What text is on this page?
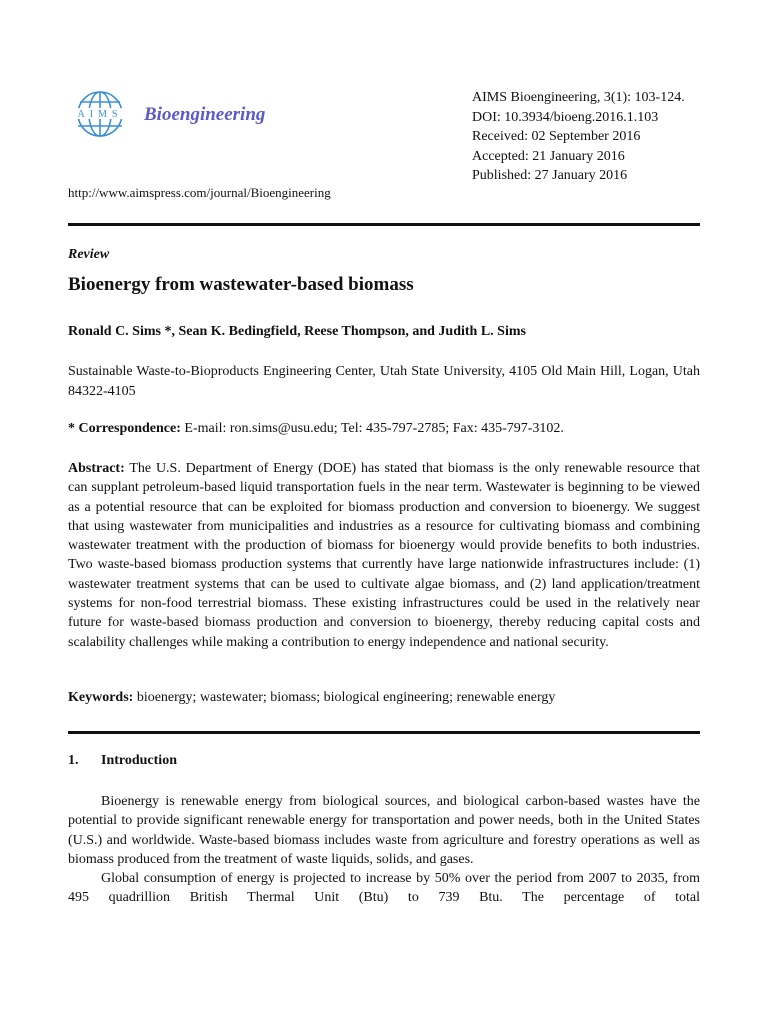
AIMS Bioengineering
AIMS Bioengineering, 3(1): 103-124.
DOI: 10.3934/bioeng.2016.1.103
Received: 02 September 2016
Accepted: 21 January 2016
Published: 27 January 2016
http://www.aimspress.com/journal/Bioengineering
Review
Bioenergy from wastewater-based biomass
Ronald C. Sims *, Sean K. Bedingfield, Reese Thompson, and Judith L. Sims
Sustainable Waste-to-Bioproducts Engineering Center, Utah State University, 4105 Old Main Hill, Logan, Utah 84322-4105
* Correspondence: E-mail: ron.sims@usu.edu; Tel: 435-797-2785; Fax: 435-797-3102.
Abstract: The U.S. Department of Energy (DOE) has stated that biomass is the only renewable resource that can supplant petroleum-based liquid transportation fuels in the near term. Wastewater is beginning to be viewed as a potential resource that can be exploited for biomass production and conversion to bioenergy. We suggest that using wastewater from municipalities and industries as a resource for cultivating biomass and combining wastewater treatment with the production of biomass for bioenergy would provide benefits to both industries. Two waste-based biomass production systems that currently have large nationwide infrastructures include: (1) wastewater treatment systems that can be used to cultivate algae biomass, and (2) land application/treatment systems for non-food terrestrial biomass. These existing infrastructures could be used in the relatively near future for waste-based biomass production and conversion to bioenergy, thereby reducing capital costs and scalability challenges while making a contribution to energy independence and national security.
Keywords: bioenergy; wastewater; biomass; biological engineering; renewable energy
1. Introduction

Bioenergy is renewable energy from biological sources, and biological carbon-based wastes have the potential to provide significant renewable energy for transportation and power needs, both in the United States (U.S.) and worldwide. Waste-based biomass includes waste from agriculture and forestry operations as well as biomass produced from the treatment of waste liquids, solids, and gases.

Global consumption of energy is projected to increase by 50% over the period from 2007 to 2035, from 495 quadrillion British Thermal Unit (Btu) to 739 Btu. The percentage of total
